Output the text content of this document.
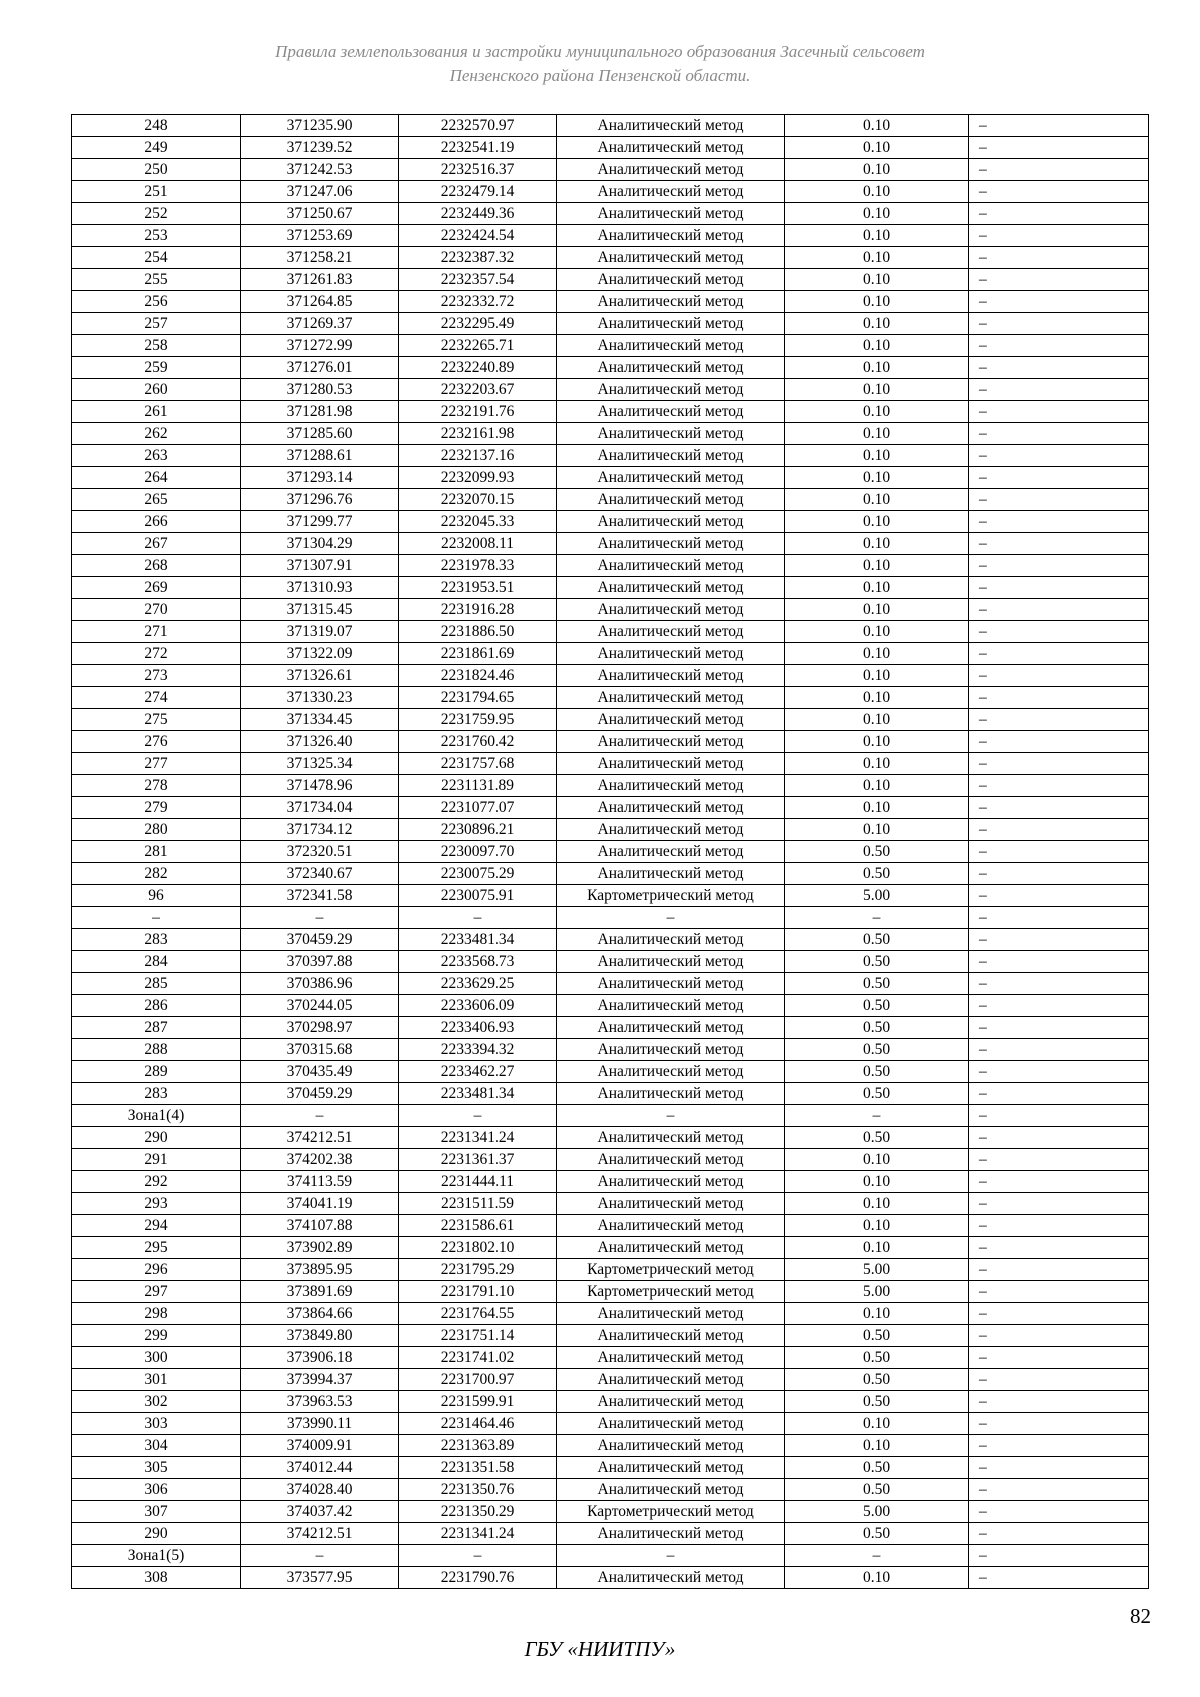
Правила землепользования и застройки муниципального образования Засечный сельсовет
Пензенского района Пензенской области.
248	371235.90	2232570.97	Аналитический метод	0.10	–
249	371239.52	2232541.19	Аналитический метод	0.10	–
250	371242.53	2232516.37	Аналитический метод	0.10	–
251	371247.06	2232479.14	Аналитический метод	0.10	–
252	371250.67	2232449.36	Аналитический метод	0.10	–
253	371253.69	2232424.54	Аналитический метод	0.10	–
254	371258.21	2232387.32	Аналитический метод	0.10	–
255	371261.83	2232357.54	Аналитический метод	0.10	–
256	371264.85	2232332.72	Аналитический метод	0.10	–
257	371269.37	2232295.49	Аналитический метод	0.10	–
258	371272.99	2232265.71	Аналитический метод	0.10	–
259	371276.01	2232240.89	Аналитический метод	0.10	–
260	371280.53	2232203.67	Аналитический метод	0.10	–
261	371281.98	2232191.76	Аналитический метод	0.10	–
262	371285.60	2232161.98	Аналитический метод	0.10	–
263	371288.61	2232137.16	Аналитический метод	0.10	–
264	371293.14	2232099.93	Аналитический метод	0.10	–
265	371296.76	2232070.15	Аналитический метод	0.10	–
266	371299.77	2232045.33	Аналитический метод	0.10	–
267	371304.29	2232008.11	Аналитический метод	0.10	–
268	371307.91	2231978.33	Аналитический метод	0.10	–
269	371310.93	2231953.51	Аналитический метод	0.10	–
270	371315.45	2231916.28	Аналитический метод	0.10	–
271	371319.07	2231886.50	Аналитический метод	0.10	–
272	371322.09	2231861.69	Аналитический метод	0.10	–
273	371326.61	2231824.46	Аналитический метод	0.10	–
274	371330.23	2231794.65	Аналитический метод	0.10	–
275	371334.45	2231759.95	Аналитический метод	0.10	–
276	371326.40	2231760.42	Аналитический метод	0.10	–
277	371325.34	2231757.68	Аналитический метод	0.10	–
278	371478.96	2231131.89	Аналитический метод	0.10	–
279	371734.04	2231077.07	Аналитический метод	0.10	–
280	371734.12	2230896.21	Аналитический метод	0.10	–
281	372320.51	2230097.70	Аналитический метод	0.50	–
282	372340.67	2230075.29	Аналитический метод	0.50	–
96	372341.58	2230075.91	Картометрический метод	5.00	–
–	–	–	–	–	–
283	370459.29	2233481.34	Аналитический метод	0.50	–
284	370397.88	2233568.73	Аналитический метод	0.50	–
285	370386.96	2233629.25	Аналитический метод	0.50	–
286	370244.05	2233606.09	Аналитический метод	0.50	–
287	370298.97	2233406.93	Аналитический метод	0.50	–
288	370315.68	2233394.32	Аналитический метод	0.50	–
289	370435.49	2233462.27	Аналитический метод	0.50	–
283	370459.29	2233481.34	Аналитический метод	0.50	–
Зона1(4)	–	–	–	–	–
290	374212.51	2231341.24	Аналитический метод	0.50	–
291	374202.38	2231361.37	Аналитический метод	0.10	–
292	374113.59	2231444.11	Аналитический метод	0.10	–
293	374041.19	2231511.59	Аналитический метод	0.10	–
294	374107.88	2231586.61	Аналитический метод	0.10	–
295	373902.89	2231802.10	Аналитический метод	0.10	–
296	373895.95	2231795.29	Картометрический метод	5.00	–
297	373891.69	2231791.10	Картометрический метод	5.00	–
298	373864.66	2231764.55	Аналитический метод	0.10	–
299	373849.80	2231751.14	Аналитический метод	0.50	–
300	373906.18	2231741.02	Аналитический метод	0.50	–
301	373994.37	2231700.97	Аналитический метод	0.50	–
302	373963.53	2231599.91	Аналитический метод	0.50	–
303	373990.11	2231464.46	Аналитический метод	0.10	–
304	374009.91	2231363.89	Аналитический метод	0.10	–
305	374012.44	2231351.58	Аналитический метод	0.50	–
306	374028.40	2231350.76	Аналитический метод	0.50	–
307	374037.42	2231350.29	Картометрический метод	5.00	–
290	374212.51	2231341.24	Аналитический метод	0.50	–
Зона1(5)	–	–	–	–	–
308	373577.95	2231790.76	Аналитический метод	0.10	–
82
ГБУ «НИИТПУ»
